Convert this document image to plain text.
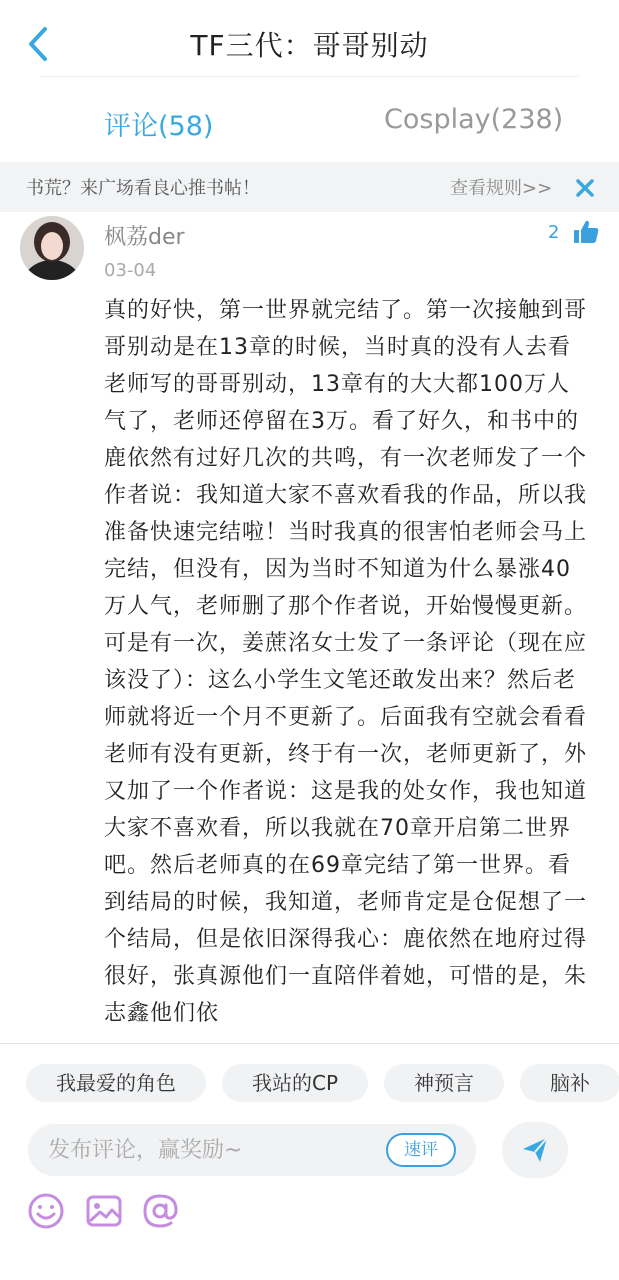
TF三代：哥哥别动
评论(58)	Cosplay(238)
书荒？来广场看良心推书帖！	查看规则>>
枫荔der
03-04
2
真的好快，第一世界就完结了。第一次接触到哥哥别动是在13章的时候，当时真的没有人去看老师写的哥哥别动，13章有的大大都100万人气了，老师还停留在3万。看了好久，和书中的鹿依然有过好几次的共鸣，有一次老师发了一个作者说：我知道大家不喜欢看我的作品，所以我准备快速完结啦！当时我真的很害怕老师会马上完结，但没有，因为当时不知道为什么暴涨40万人气，老师删了那个作者说，开始慢慢更新。可是有一次，姜蔗洺女士发了一条评论（现在应该没了）：这么小学生文笔还敢发出来？然后老师就将近一个月不更新了。后面我有空就会看看老师有没有更新，终于有一次，老师更新了，外又加了一个作者说：这是我的处女作，我也知道大家不喜欢看，所以我就在70章开启第二世界吧。然后老师真的在69章完结了第一世界。看到结局的时候，我知道，老师肯定是仓促想了一个结局，但是依旧深得我心：鹿依然在地府过得很好，张真源他们一直陪伴着她，可惜的是，朱志鑫他们依
我最爱的角色	我站的CP	神预言	脑补
发布评论，赢奖励~
速评
